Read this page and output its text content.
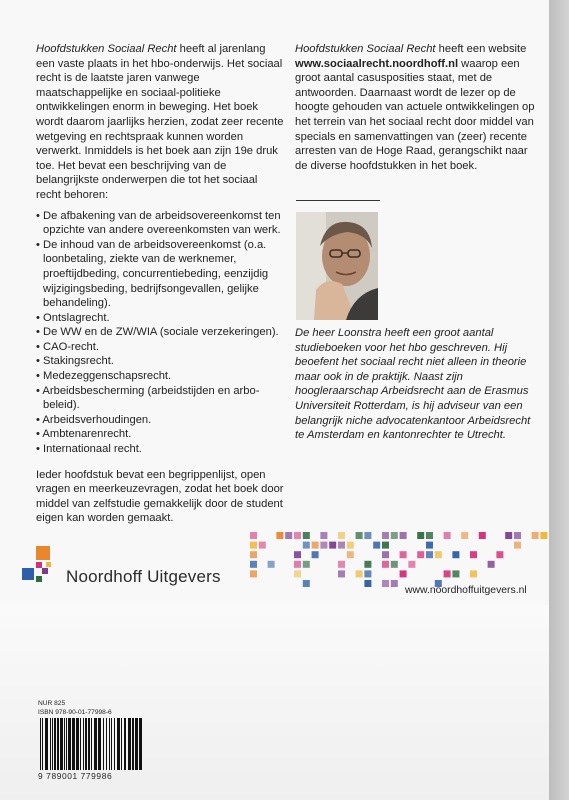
Hoofdstukken Sociaal Recht heeft al jarenlang een vaste plaats in het hbo-onderwijs. Het sociaal recht is de laatste jaren vanwege maatschappelijke en sociaal-politieke ontwikkelingen enorm in beweging. Het boek wordt daarom jaarlijks herzien, zodat zeer recente wetgeving en rechtspraak kunnen worden verwerkt. Inmiddels is het boek aan zijn 19e druk toe. Het bevat een beschrijving van de belangrijkste onderwerpen die tot het sociaal recht behoren:

• De afbakening van de arbeidsovereenkomst ten opzichte van andere overeenkomsten van werk.
• De inhoud van de arbeidsovereenkomst (o.a. loonbetaling, ziekte van de werknemer, proeftijdbeding, concurrentiebeding, eenzijdig wijzigingsbeding, bedrijfsongevallen, gelijke behandeling).
• Ontslagrecht.
• De WW en de ZW/WIA (sociale verzekeringen).
• CAO-recht.
• Stakingsrecht.
• Medezeggenschapsrecht.
• Arbeidsbescherming (arbeidstijden en arbo-beleid).
• Arbeidsverhoudingen.
• Ambtenarenrecht.
• Internationaal recht.

Ieder hoofdstuk bevat een begrippenlijst, open vragen en meerkeuzevragen, zodat het boek door middel van zelfstudie gemakkelijk door de student eigen kan worden gemaakt.

Hoofdstukken Sociaal Recht heeft een website www.sociaalrecht.noordhoff.nl waarop een groot aantal casusposities staat, met de antwoorden. Daarnaast wordt de lezer op de hoogte gehouden van actuele ontwikkelingen op het terrein van het sociaal recht door middel van specials en samenvattingen van (zeer) recente arresten van de Hoge Raad, gerangschikt naar de diverse hoofdstukken in het boek.

De heer Loonstra heeft een groot aantal studieboeken voor het hbo geschreven. Hij beoefent het sociaal recht niet alleen in theorie maar ook in de praktijk. Naast zijn hoogleraarschap Arbeidsrecht aan de Erasmus Universiteit Rotterdam, is hij adviseur van een belangrijk niche advocatenkantoor Arbeidsrecht te Amsterdam en kantonrechter te Utrecht.
Noordhoff Uitgevers
www.noordhoffuitgevers.nl
NUR 825
ISBN 978-90-01-77998-6
9 789001 779986
